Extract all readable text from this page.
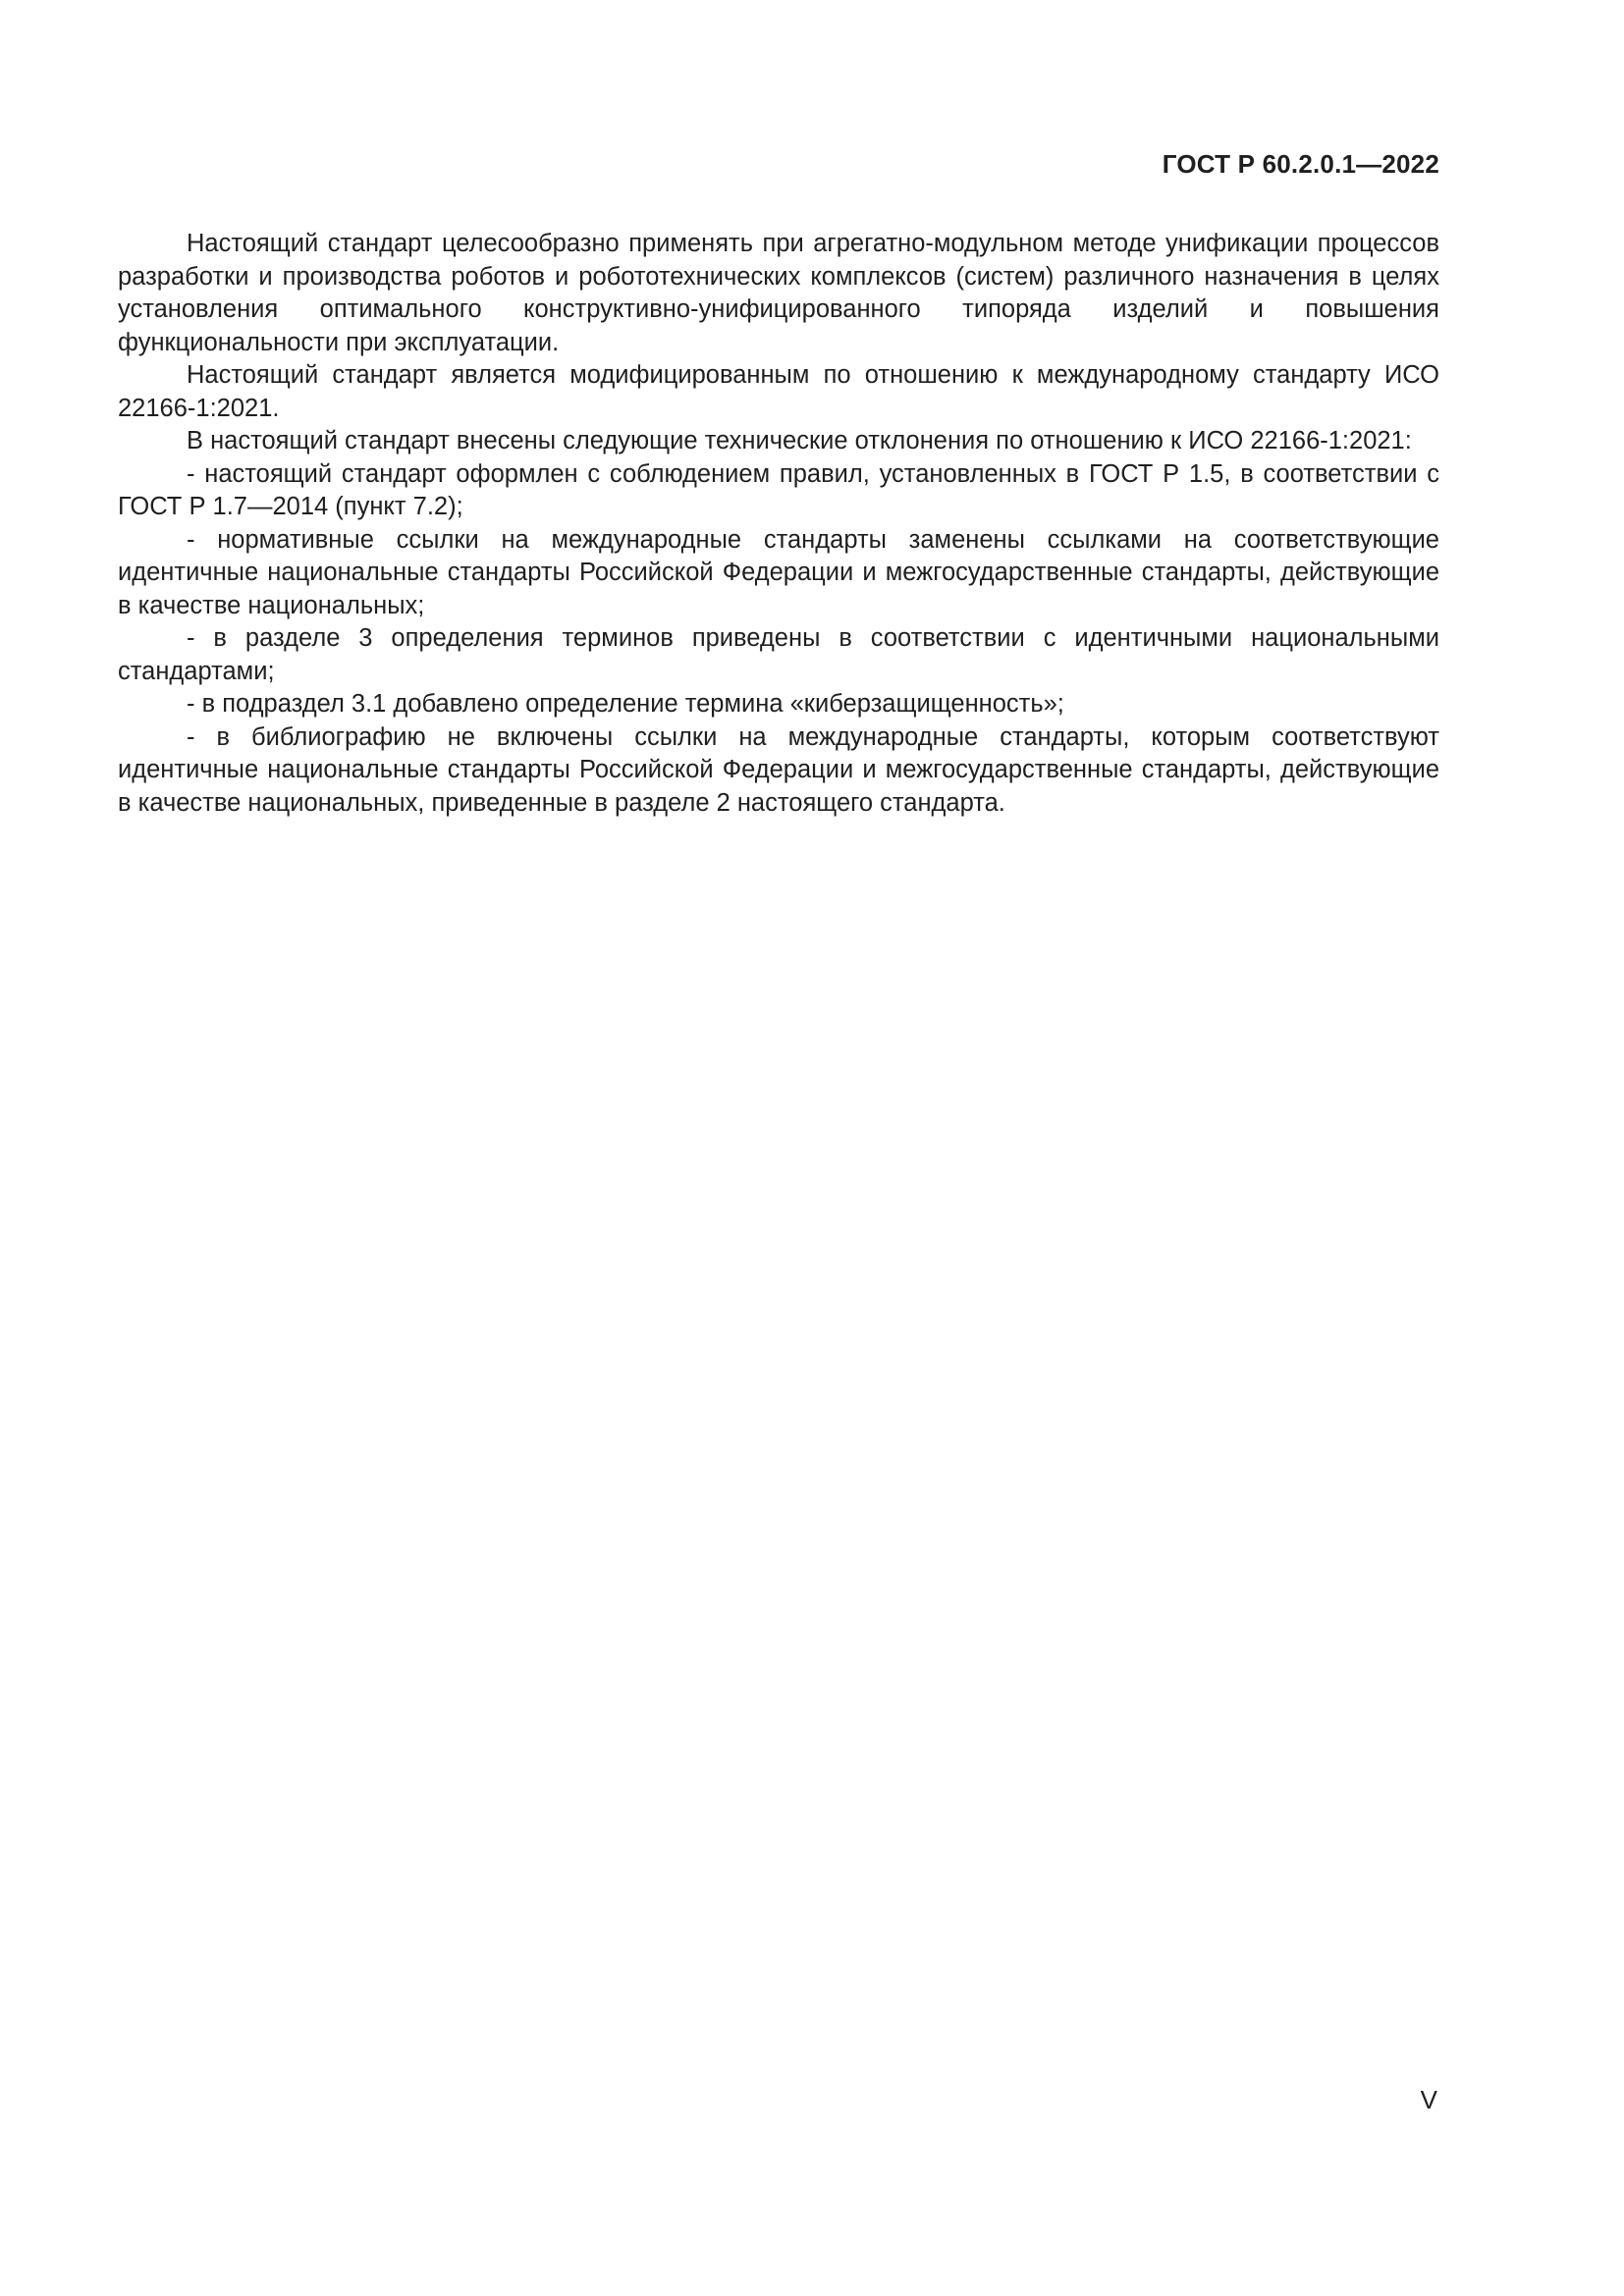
ГОСТ Р 60.2.0.1—2022

Настоящий стандарт целесообразно применять при агрегатно-модульном методе унификации процессов разработки и производства роботов и робототехнических комплексов (систем) различного назначения в целях установления оптимального конструктивно-унифицированного типоряда изделий и повышения функциональности при эксплуатации.

Настоящий стандарт является модифицированным по отношению к международному стандарту ИСО 22166-1:2021.

В настоящий стандарт внесены следующие технические отклонения по отношению к ИСО 22166-1:2021:

- настоящий стандарт оформлен с соблюдением правил, установленных в ГОСТ Р 1.5, в соответствии с ГОСТ Р 1.7—2014 (пункт 7.2);

- нормативные ссылки на международные стандарты заменены ссылками на соответствующие идентичные национальные стандарты Российской Федерации и межгосударственные стандарты, действующие в качестве национальных;

- в разделе 3 определения терминов приведены в соответствии с идентичными национальными стандартами;

- в подраздел 3.1 добавлено определение термина «киберзащищенность»;

- в библиографию не включены ссылки на международные стандарты, которым соответствуют идентичные национальные стандарты Российской Федерации и межгосударственные стандарты, действующие в качестве национальных, приведенные в разделе 2 настоящего стандарта.

V
